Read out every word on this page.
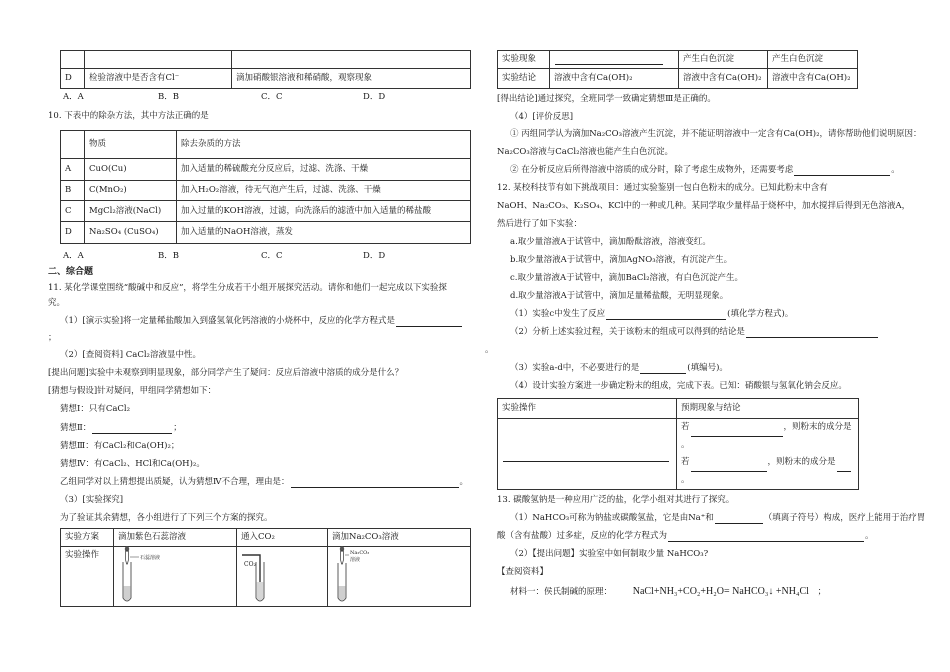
D	检验溶液中是否含有Cl⁻	滴加硝酸银溶液和稀硝酸，观察现象
A．A	B．B	C．C	D．D
10. 下表中的除杂方法，其中方法正确的是
	物质	除去杂质的方法
A	CuO(Cu)	加入适量的稀硫酸充分反应后，过滤、洗涤、干燥
B	C(MnO₂)	加入H₂O₂溶液，待无气泡产生后，过滤、洗涤、干燥
C	MgCl₂溶液(NaCl)	加入过量的KOH溶液，过滤，向洗涤后的滤渣中加入适量的稀盐酸
D	Na₂SO₄ (CuSO₄)	加入适量的NaOH溶液，蒸发
A．A	B．B	C．C	D．D
二、综合题
11. 某化学课堂围绕“酸碱中和反应”，将学生分成若干小组开展探究活动。请你和他们一起完成以下实验探
究。
（1）[演示实验]将一定量稀盐酸加入到盛氢氧化钙溶液的小烧杯中，反应的化学方程式是
；
（2）[查阅资料] CaCl₂溶液显中性。
[提出问题]实验中未观察到明显现象，部分同学产生了疑问：反应后溶液中溶质的成分是什么？
[猜想与假设]针对疑问，甲组同学猜想如下：
猜想Ⅰ：只有CaCl₂
猜想Ⅱ：	；
猜想Ⅲ：有CaCl₂和Ca(OH)₂；
猜想Ⅳ：有CaCl₂、HCl和Ca(OH)₂。
乙组同学对以上猜想提出质疑，认为猜想Ⅳ不合理，理由是：	。
（3）[实验探究]
为了验证其余猜想，各小组进行了下列三个方案的探究。
实验方案	滴加紫色石蕊溶液	通入CO₂	滴加Na₂CO₃溶液
实验操作				石蕊溶液
CO₂
Na₂CO₃
溶液
实验现象		产生白色沉淀	产生白色沉淀
实验结论	溶液中含有Ca(OH)₂	溶液中含有Ca(OH)₂	溶液中含有Ca(OH)₂
[得出结论]通过探究，全班同学一致确定猜想Ⅲ是正确的。
（4）[评价反思]
① 丙组同学认为滴加Na₂CO₃溶液产生沉淀，并不能证明溶液中一定含有Ca(OH)₂，请你帮助他们说明原因：
Na₂CO₃溶液与CaCl₂溶液也能产生白色沉淀。
② 在分析反应后所得溶液中溶质的成分时，除了考虑生成物外，还需要考虑	。
12. 某校科技节有如下挑战项目：通过实验鉴别一包白色粉末的成分。已知此粉末中含有
NaOH、Na₂CO₃、K₂SO₄、KCl中的一种或几种。某同学取少量样品于烧杯中，加水搅拌后得到无色溶液A，
然后进行了如下实验：
a.取少量溶液A于试管中，滴加酚酞溶液，溶液变红。
b.取少量溶液A于试管中，滴加AgNO₃溶液，有沉淀产生。
c.取少量溶液A于试管中，滴加BaCl₂溶液，有白色沉淀产生。
d.取少量溶液A于试管中，滴加足量稀盐酸，无明显现象。
（1）实验c中发生了反应	(填化学方程式)。
（2）分析上述实验过程，关于该粉末的组成可以得到的结论是
。
（3）实验a-d中，不必要进行的是	(填编号)。
（4）设计实验方案进一步确定粉末的组成，完成下表。已知：硝酸银与氢氧化钠会反应。
实验操作	预期现象与结论

	若 ，则粉末的成分是
。
若 ，则粉末的成分是
。
13. 碳酸氢钠是一种应用广泛的盐，化学小组对其进行了探究。
（1）NaHCO₃可称为钠盐或碳酸氢盐，它是由Na⁺和	（填离子符号）构成，医疗上能用于治疗胃
酸（含有盐酸）过多症，反应的化学方程式为	。
（2）【提出问题】实验室中如何制取少量 NaHCO₃?
【查阅资料】
材料一：侯氏制碱的原理： NaCl+NH₃+CO₂+H₂O= NaHCO₃↓ +NH₄Cl ；
